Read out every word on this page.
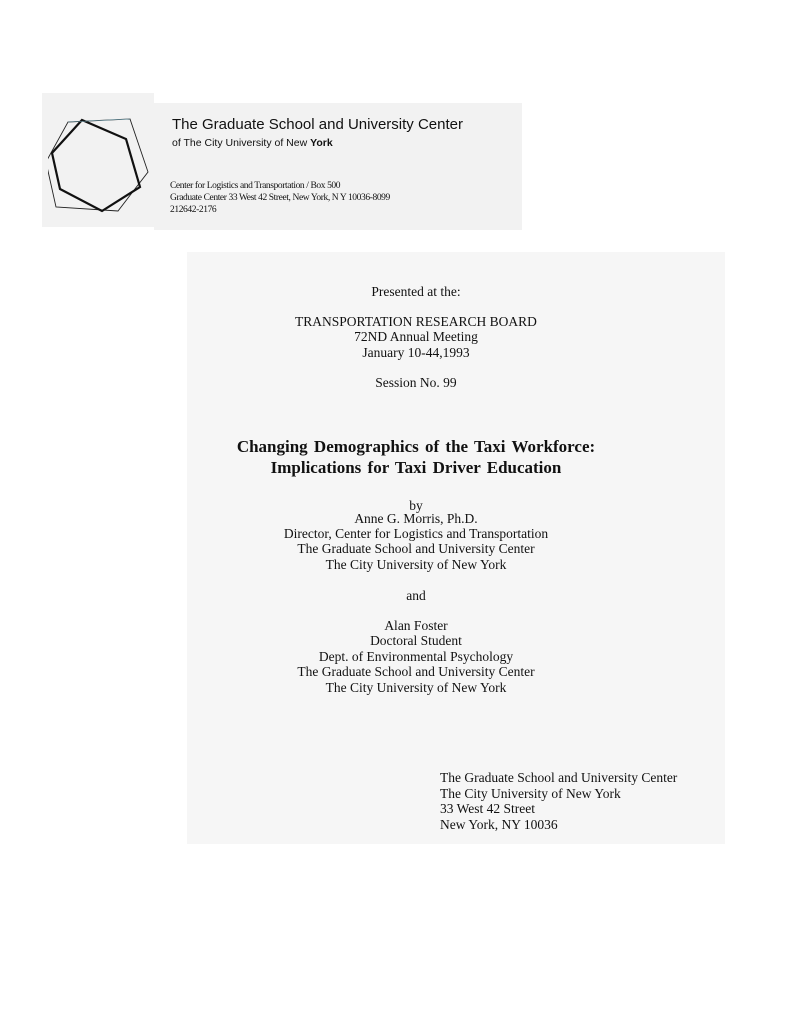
The Graduate School and University Center
of The City University of New York
Center for Logistics and Transportation / Box 500
Graduate Center 33 West 42 Street, New York, N Y 10036-8099
212642-2176
Presented at the:
TRANSPORTATION RESEARCH BOARD
72ND Annual Meeting
January 10-44,1993
Session No. 99
Changing Demographics of the Taxi Workforce:
Implications for Taxi Driver Education
by
Anne G. Morris, Ph.D.
Director, Center for Logistics and Transportation
The Graduate School and University Center
The City University of New York
and
Alan Foster
Doctoral Student
Dept. of Environmental Psychology
The Graduate School and University Center
The City University of New York
The Graduate School and University Center
The City University of New York
33 West 42 Street
New York, NY 10036
